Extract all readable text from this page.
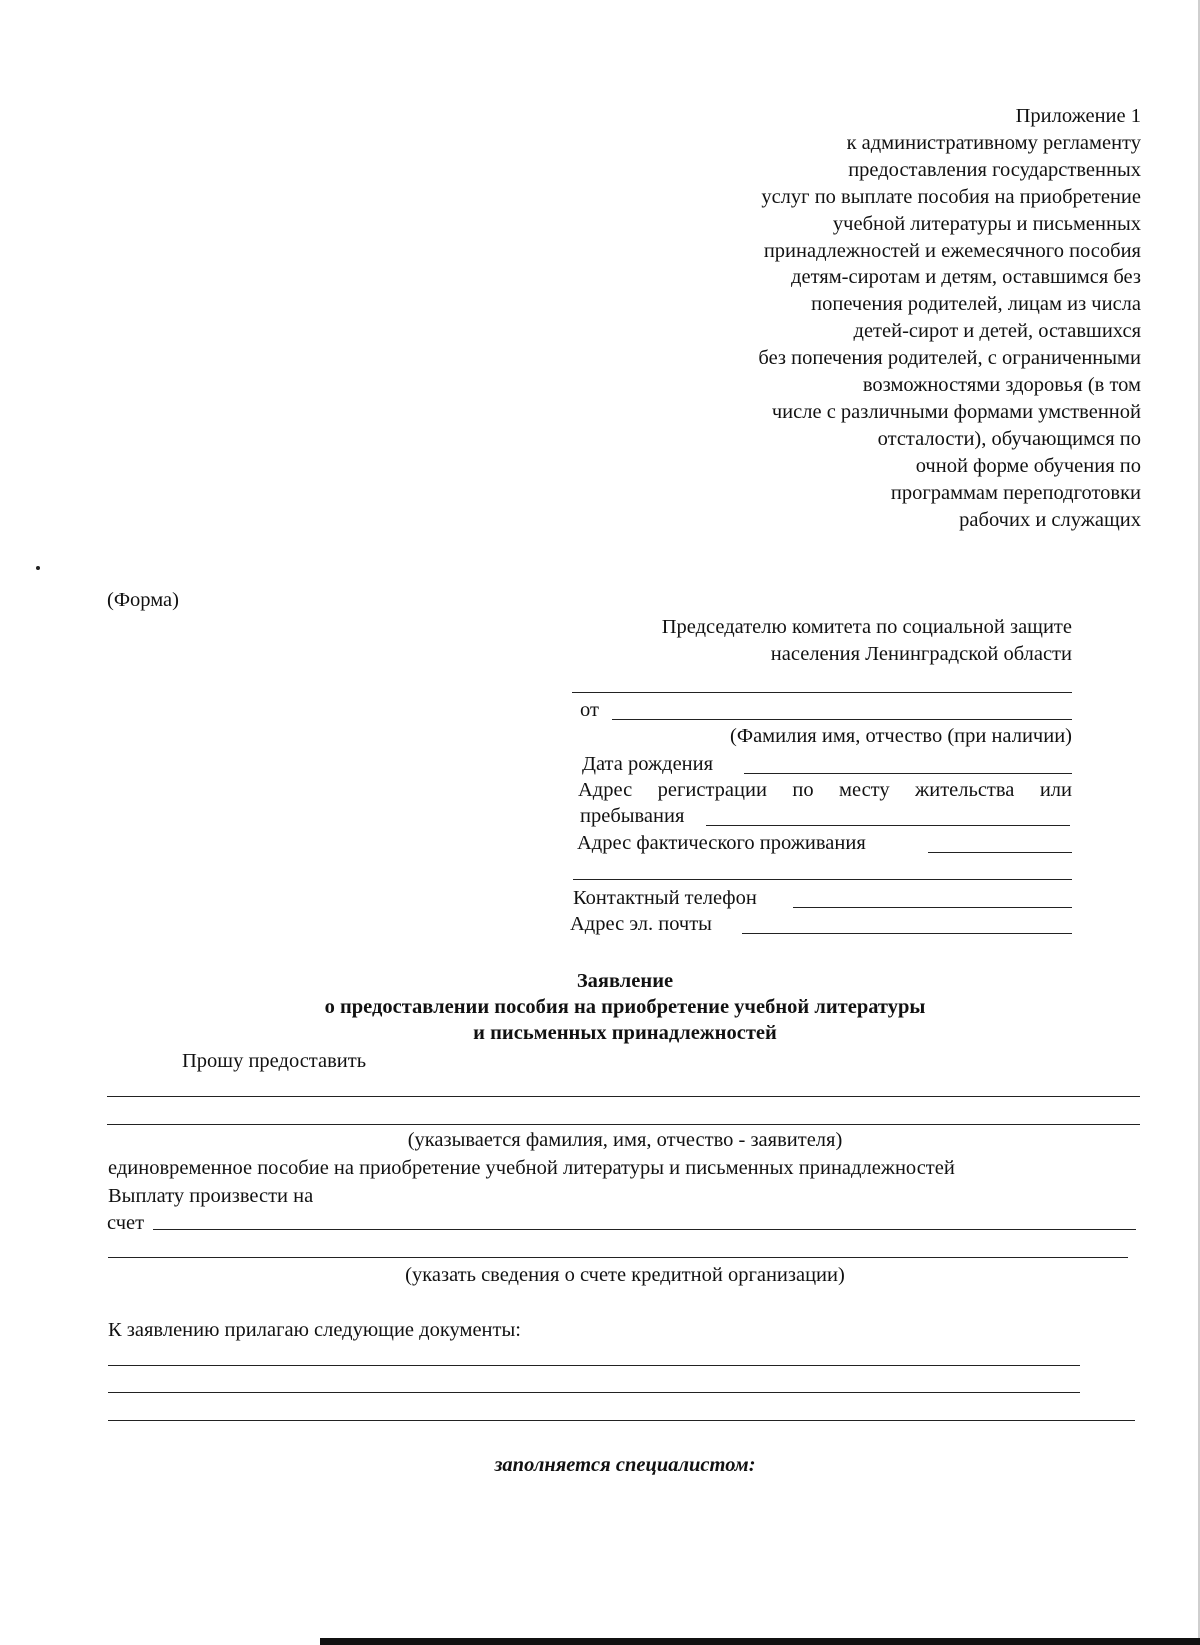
Приложение 1
к административному регламенту
предоставления государственных
услуг по выплате пособия на приобретение
учебной литературы и письменных
принадлежностей и ежемесячного пособия
детям-сиротам и детям, оставшимся без
попечения родителей, лицам из числа
детей-сирот и детей, оставшихся
без попечения родителей, с ограниченными
возможностями здоровья (в том
числе с различными формами умственной
отсталости), обучающимся по
очной форме обучения по
программам переподготовки
рабочих и служащих
(Форма)
Председателю комитета по социальной защите
населения Ленинградской области
от
(Фамилия имя, отчество (при наличии)
Дата рождения
Адрес регистрации по месту жительства или
пребывания
Адрес фактического проживания
Контактный телефон
Адрес эл. почты
Заявление
о предоставлении пособия на приобретение учебной литературы
и письменных принадлежностей
Прошу предоставить
(указывается фамилия, имя, отчество - заявителя)
единовременное пособие на приобретение учебной литературы и письменных принадлежностей
Выплату произвести на
счет
(указать сведения о счете кредитной организации)
К заявлению прилагаю следующие документы:
заполняется специалистом:
